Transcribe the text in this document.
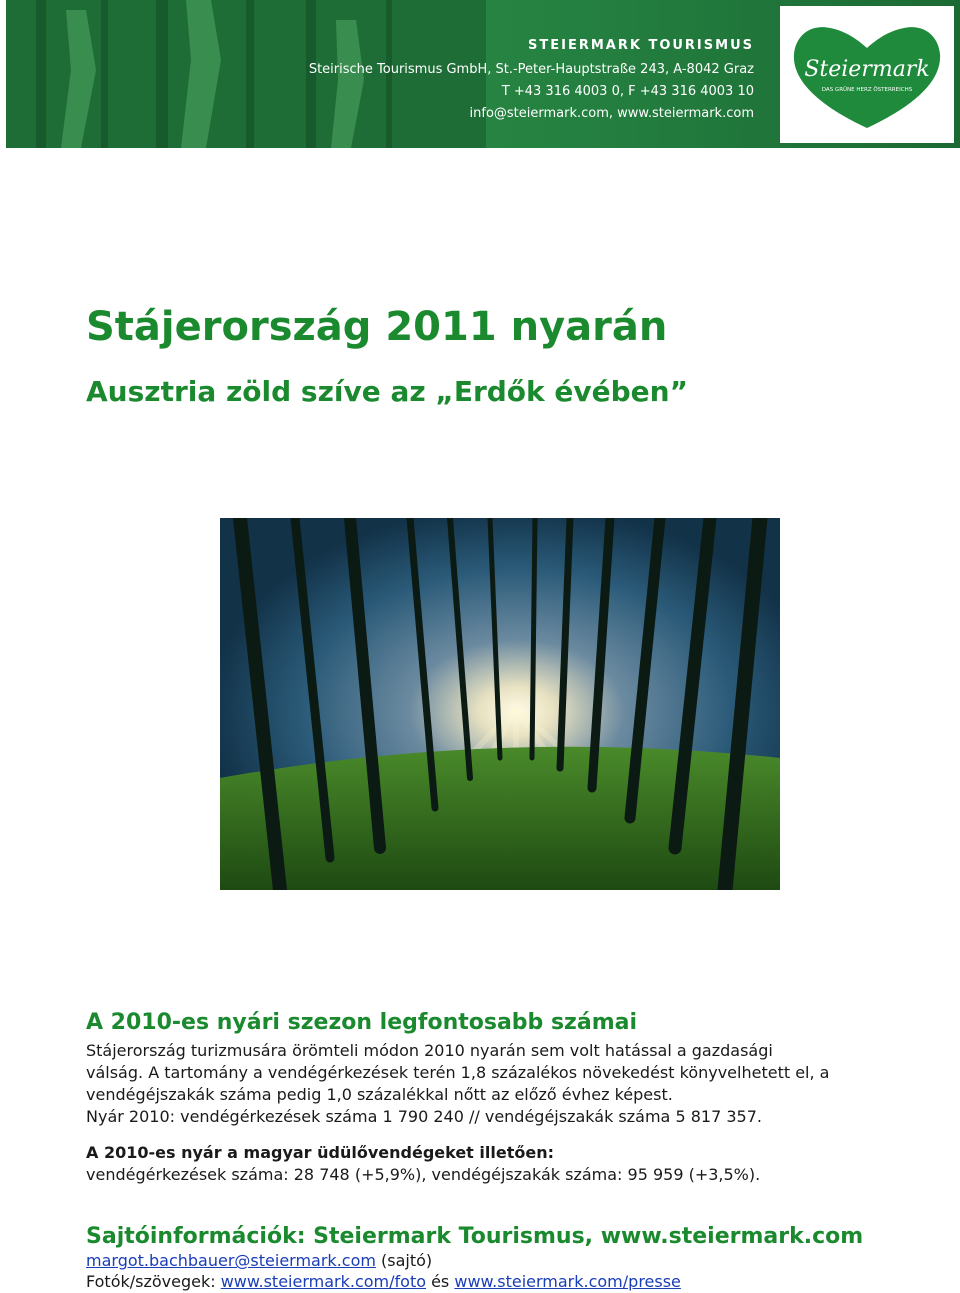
STEIERMARK TOURISMUS
Steirische Tourismus GmbH, St.-Peter-Hauptstraße 243, A-8042 Graz
T +43 316 4003 0, F +43 316 4003 10
info@steiermark.com, www.steiermark.com
Steiermark
DAS GRÜNE HERZ ÖSTERREICHS
Stájerország 2011 nyarán
Ausztria zöld szíve az „Erdők évében”
A 2010-es nyári szezon legfontosabb számai
Stájerország turizmusára örömteli módon 2010 nyarán sem volt hatással a gazdasági
válság. A tartomány a vendégérkezések terén 1,8 százalékos növekedést könyvelhetett el, a
vendégéjszakák száma pedig 1,0 százalékkal nőtt az előző évhez képest.
Nyár 2010: vendégérkezések száma 1 790 240 // vendégéjszakák száma 5 817 357.
A 2010-es nyár a magyar üdülővendégeket illetően:
vendégérkezések száma: 28 748 (+5,9%), vendégéjszakák száma: 95 959 (+3,5%).
Sajtóinformációk: Steiermark Tourismus, www.steiermark.com
margot.bachbauer@steiermark.com (sajtó)
Fotók/szövegek: www.steiermark.com/foto és www.steiermark.com/presse
